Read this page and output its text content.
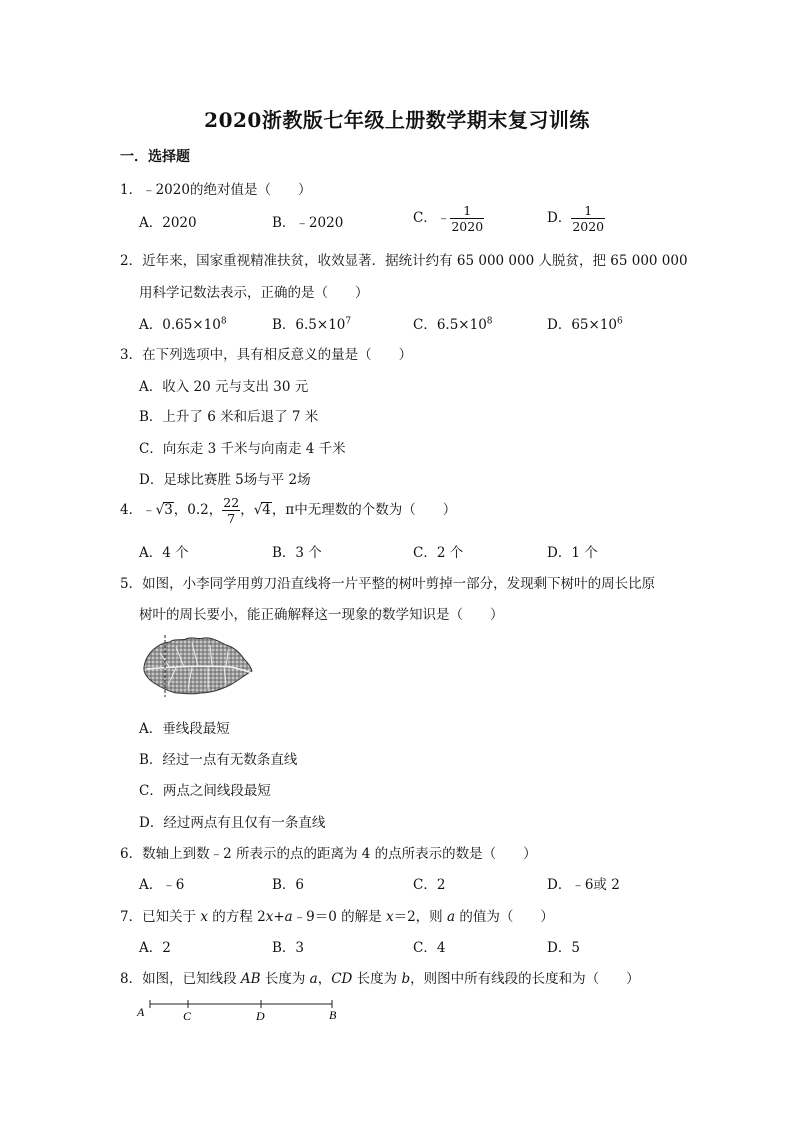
2020浙教版七年级上册数学期末复习训练
一．选择题
1．﹣2020的绝对值是（　　）
A．2020	B．﹣2020	C．﹣ $\frac{1}{2020}$	D． $\frac{1}{2020}$
2．近年来，国家重视精准扶贫，收效显著．据统计约有 65 000 000 人脱贫，把 65 000 000
用科学记数法表示，正确的是（　　）
A．$0.65\times 10^8$	B．$6.5\times 10^7$	C．$6.5\times 10^8$	D．$65\times 10^6$
3．在下列选项中，具有相反意义的量是（　　）
A．收入 20 元与支出 30 元
B．上升了 6 米和后退了 7 米
C．向东走 3 千米与向南走 4 千米
D．足球比赛胜 5场与平 2场
4．﹣√3，0.2， $\frac{22}{7}$ ，√4，π中无理数的个数为（　　）
A．4 个	B．3 个	C．2 个	D．1 个
5．如图，小李同学用剪刀沿直线将一片平整的树叶剪掉一部分，发现剩下树叶的周长比原
树叶的周长要小，能正确解释这一现象的数学知识是（　　）
A．垂线段最短
B．经过一点有无数条直线
C．两点之间线段最短
D．经过两点有且仅有一条直线
6．数轴上到数﹣2 所表示的点的距离为 4 的点所表示的数是（　　）
A．﹣6	B．6	C．2	D．﹣6或 2
7．已知关于 x 的方程 2x+a﹣9＝0 的解是 x＝2，则 a 的值为（　　）
A．2	B．3	C．4	D．5
8．如图，已知线段 AB 长度为 a，CD 长度为 b，则图中所有线段的长度和为（　　）
A	C	D	B
